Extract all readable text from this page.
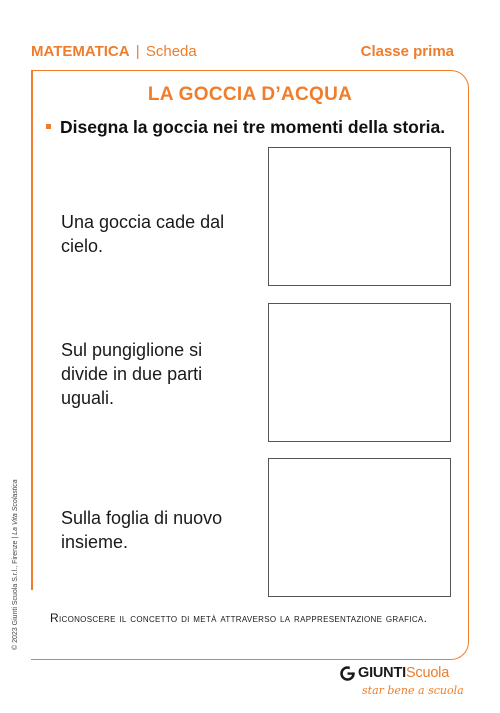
MATEMATICA | Scheda	Classe prima
LA GOCCIA D’ACQUA
Disegna la goccia nei tre momenti della storia.
Una goccia cade dal cielo.
Sul pungiglione si divide in due parti uguali.
Sulla foglia di nuovo insieme.
Riconoscere il concetto di metà attraverso la rappresentazione grafica.
© 2023 Giunti Scuola S.r.l., Firenze | La Vita Scolastica
GIUNTIScuola
star bene a scuola
